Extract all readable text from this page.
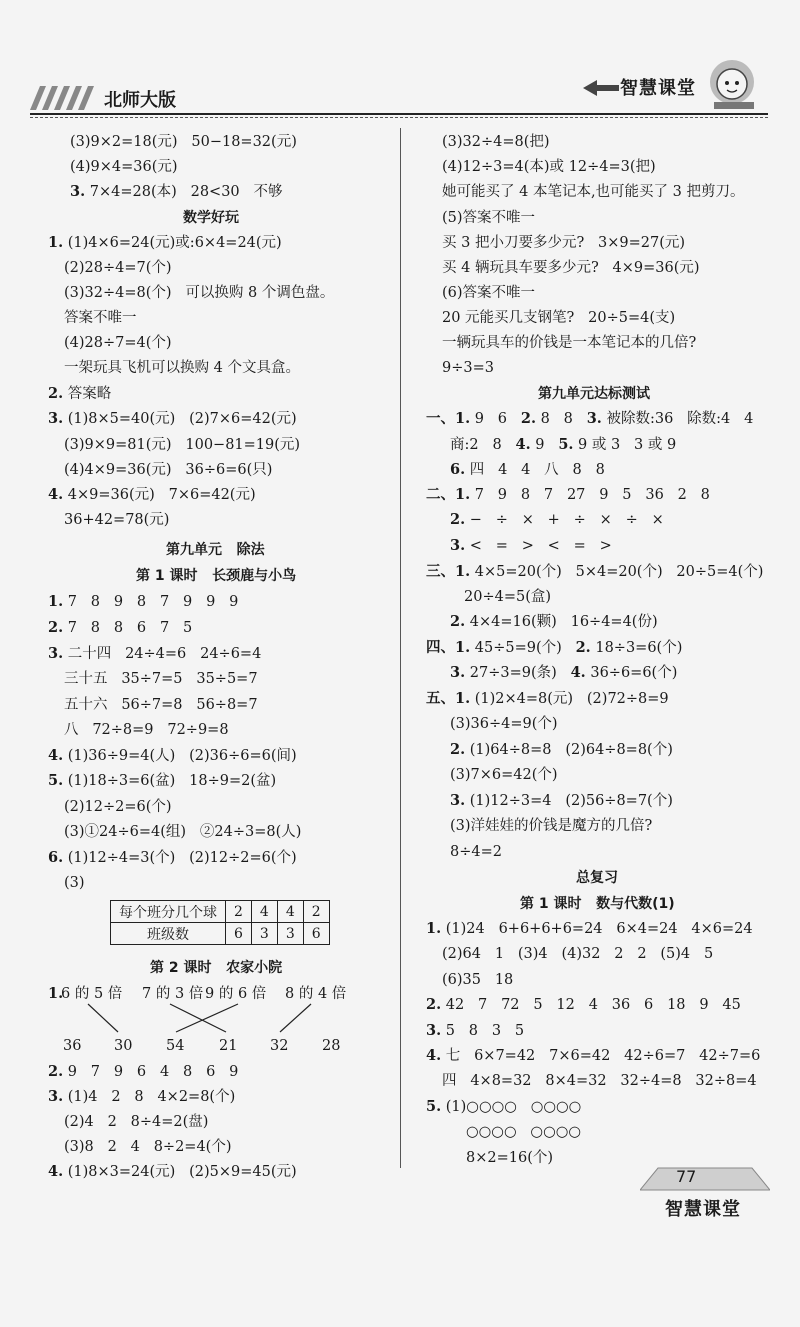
北师大版
智慧课堂
(3)9×2=18(元)   50−18=32(元)
(4)9×4=36(元)
3. 7×4=28(本)   28<30   不够
数学好玩
1. (1)4×6=24(元)或:6×4=24(元)
(2)28÷4=7(个)
(3)32÷4=8(个)   可以换购 8 个调色盘。
答案不唯一
(4)28÷7=4(个)
一架玩具飞机可以换购 4 个文具盒。
2. 答案略
3. (1)8×5=40(元)   (2)7×6=42(元)
(3)9×9=81(元)   100−81=19(元)
(4)4×9=36(元)   36÷6=6(只)
4. 4×9=36(元)   7×6=42(元)
36+42=78(元)
第九单元   除法
第 1 课时   长颈鹿与小鸟
1. 7   8   9   8   7   9   9   9
2. 7   8   8   6   7   5
3. 二十四   24÷4=6   24÷6=4
三十五   35÷7=5   35÷5=7
五十六   56÷7=8   56÷8=7
八   72÷8=9   72÷9=8
4. (1)36÷9=4(人)   (2)36÷6=6(间)
5. (1)18÷3=6(盆)   18÷9=2(盆)
(2)12÷2=6(个)
(3)①24÷6=4(组)   ②24÷3=8(人)
6. (1)12÷4=3(个)   (2)12÷2=6(个)
(3)
每个班分几个球	2	4	4	2
班级数	6	3	3	6
第 2 课时   农家小院
1.
6 的 5 倍 7 的 3 倍 9 的 6 倍 8 的 4 倍
36 30 54 21 32 28
2. 9   7   9   6   4   8   6   9
3. (1)4   2   8   4×2=8(个)
(2)4   2   8÷4=2(盘)
(3)8   2   4   8÷2=4(个)
4. (1)8×3=24(元)   (2)5×9=45(元)
(3)32÷4=8(把)
(4)12÷3=4(本)或 12÷4=3(把)
她可能买了 4 本笔记本,也可能买了 3 把剪刀。
(5)答案不唯一
买 3 把小刀要多少元?   3×9=27(元)
买 4 辆玩具车要多少元?   4×9=36(元)
(6)答案不唯一
20 元能买几支钢笔?   20÷5=4(支)
一辆玩具车的价钱是一本笔记本的几倍?
9÷3=3
第九单元达标测试
一、1. 9   6   2. 8   8   3. 被除数:36   除数:4   4
商:2   8   4. 9   5. 9 或 3   3 或 9
6. 四   4   4   八   8   8
二、1. 7   9   8   7   27   9   5   36   2   8
2. −   ÷   ×   +   ÷   ×   ÷   ×
3. <   =   >   <   =   >
三、1. 4×5=20(个)   5×4=20(个)   20÷5=4(个)
20÷4=5(盒)
2. 4×4=16(颗)   16÷4=4(份)
四、1. 45÷5=9(个)   2. 18÷3=6(个)
3. 27÷3=9(条)   4. 36÷6=6(个)
五、1. (1)2×4=8(元)   (2)72÷8=9
(3)36÷4=9(个)
2. (1)64÷8=8   (2)64÷8=8(个)
(3)7×6=42(个)
3. (1)12÷3=4   (2)56÷8=7(个)
(3)洋娃娃的价钱是魔方的几倍?
8÷4=2
总复习
第 1 课时   数与代数(1)
1. (1)24   6+6+6+6=24   6×4=24   4×6=24
(2)64   1   (3)4   (4)32   2   2   (5)4   5
(6)35   18
2. 42   7   72   5   12   4   36   6   18   9   45
3. 5   8   3   5
4. 七   6×7=42   7×6=42   42÷6=7   42÷7=6
四   4×8=32   8×4=32   32÷4=8   32÷8=4
5. (1)○○○○   ○○○○
○○○○   ○○○○
8×2=16(个)
77
智慧课堂
